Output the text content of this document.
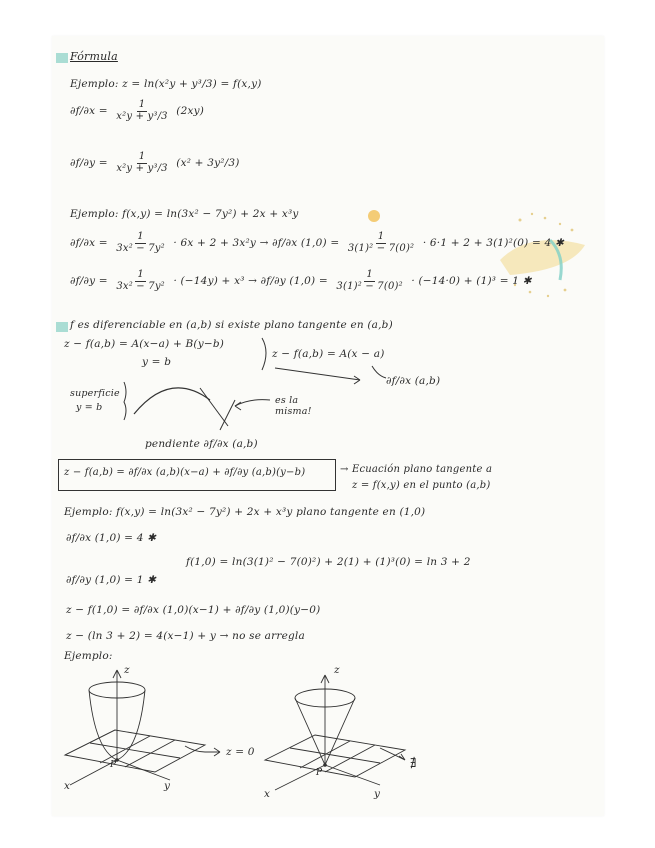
Fórmula
Ejemplo: z = ln(x²y + y³/3) = f(x,y)
$\partial f/\partial x = \frac{1}{\text{x²y + y³/3}} (2xy)$
$\partial f/\partial y = \frac{1}{\text{x²y + y³/3}} (x^2 + 3y^2/3)$
Ejemplo: f(x,y) = ln(3x² − 7y²) + 2x + x³y
$\partial f/\partial x = \frac{1}{\text{3x² − 7y²}} \cdot 6x + 2 + 3x^2y \to \partial f/\partial x$ $(1,0) = \frac{1}{\text{3(1)² − 7(0)²}} \cdot 6\cdot 1 + 2 + 3(1)^2(0) = 4$ ✱
$\partial f/\partial y = \frac{1}{\text{3x² − 7y²}} \cdot (-14y) + x^3 \to \partial f/\partial y$ $(1,0) = \frac{1}{\text{3(1)² − 7(0)²}} \cdot (-14\cdot 0) + (1)^3 = 1$ ✱
f es diferenciable en (a,b) si existe plano tangente en (a,b)
z − f(a,b) = A(x−a) + B(y−b)
y = b
z − f(a,b) = A(x − a)
∂f/∂x (a,b)
superficie
y = b
es la misma!
pendiente ∂f/∂x (a,b)
z − f(a,b) = ∂f/∂x (a,b)(x−a) + ∂f/∂y (a,b)(y−b)	→ Ecuación plano tangente a
z = f(x,y) en el punto (a,b)
Ejemplo: f(x,y) = ln(3x² − 7y²) + 2x + x³y plano tangente en (1,0)
∂f/∂x (1,0) = 4 ✱
f(1,0) = ln(3(1)² − 7(0)²) + 2(1) + (1)³(0) = ln 3 + 2
∂f/∂y (1,0) = 1 ✱
z − f(1,0) = ∂f/∂x (1,0)(x−1) + ∂f/∂y (1,0)(y−0)
z − (ln 3 + 2) = 4(x−1) + y → no se arregla
Ejemplo:
z
x	y
P
z = 0
z
x	y
P
∄
